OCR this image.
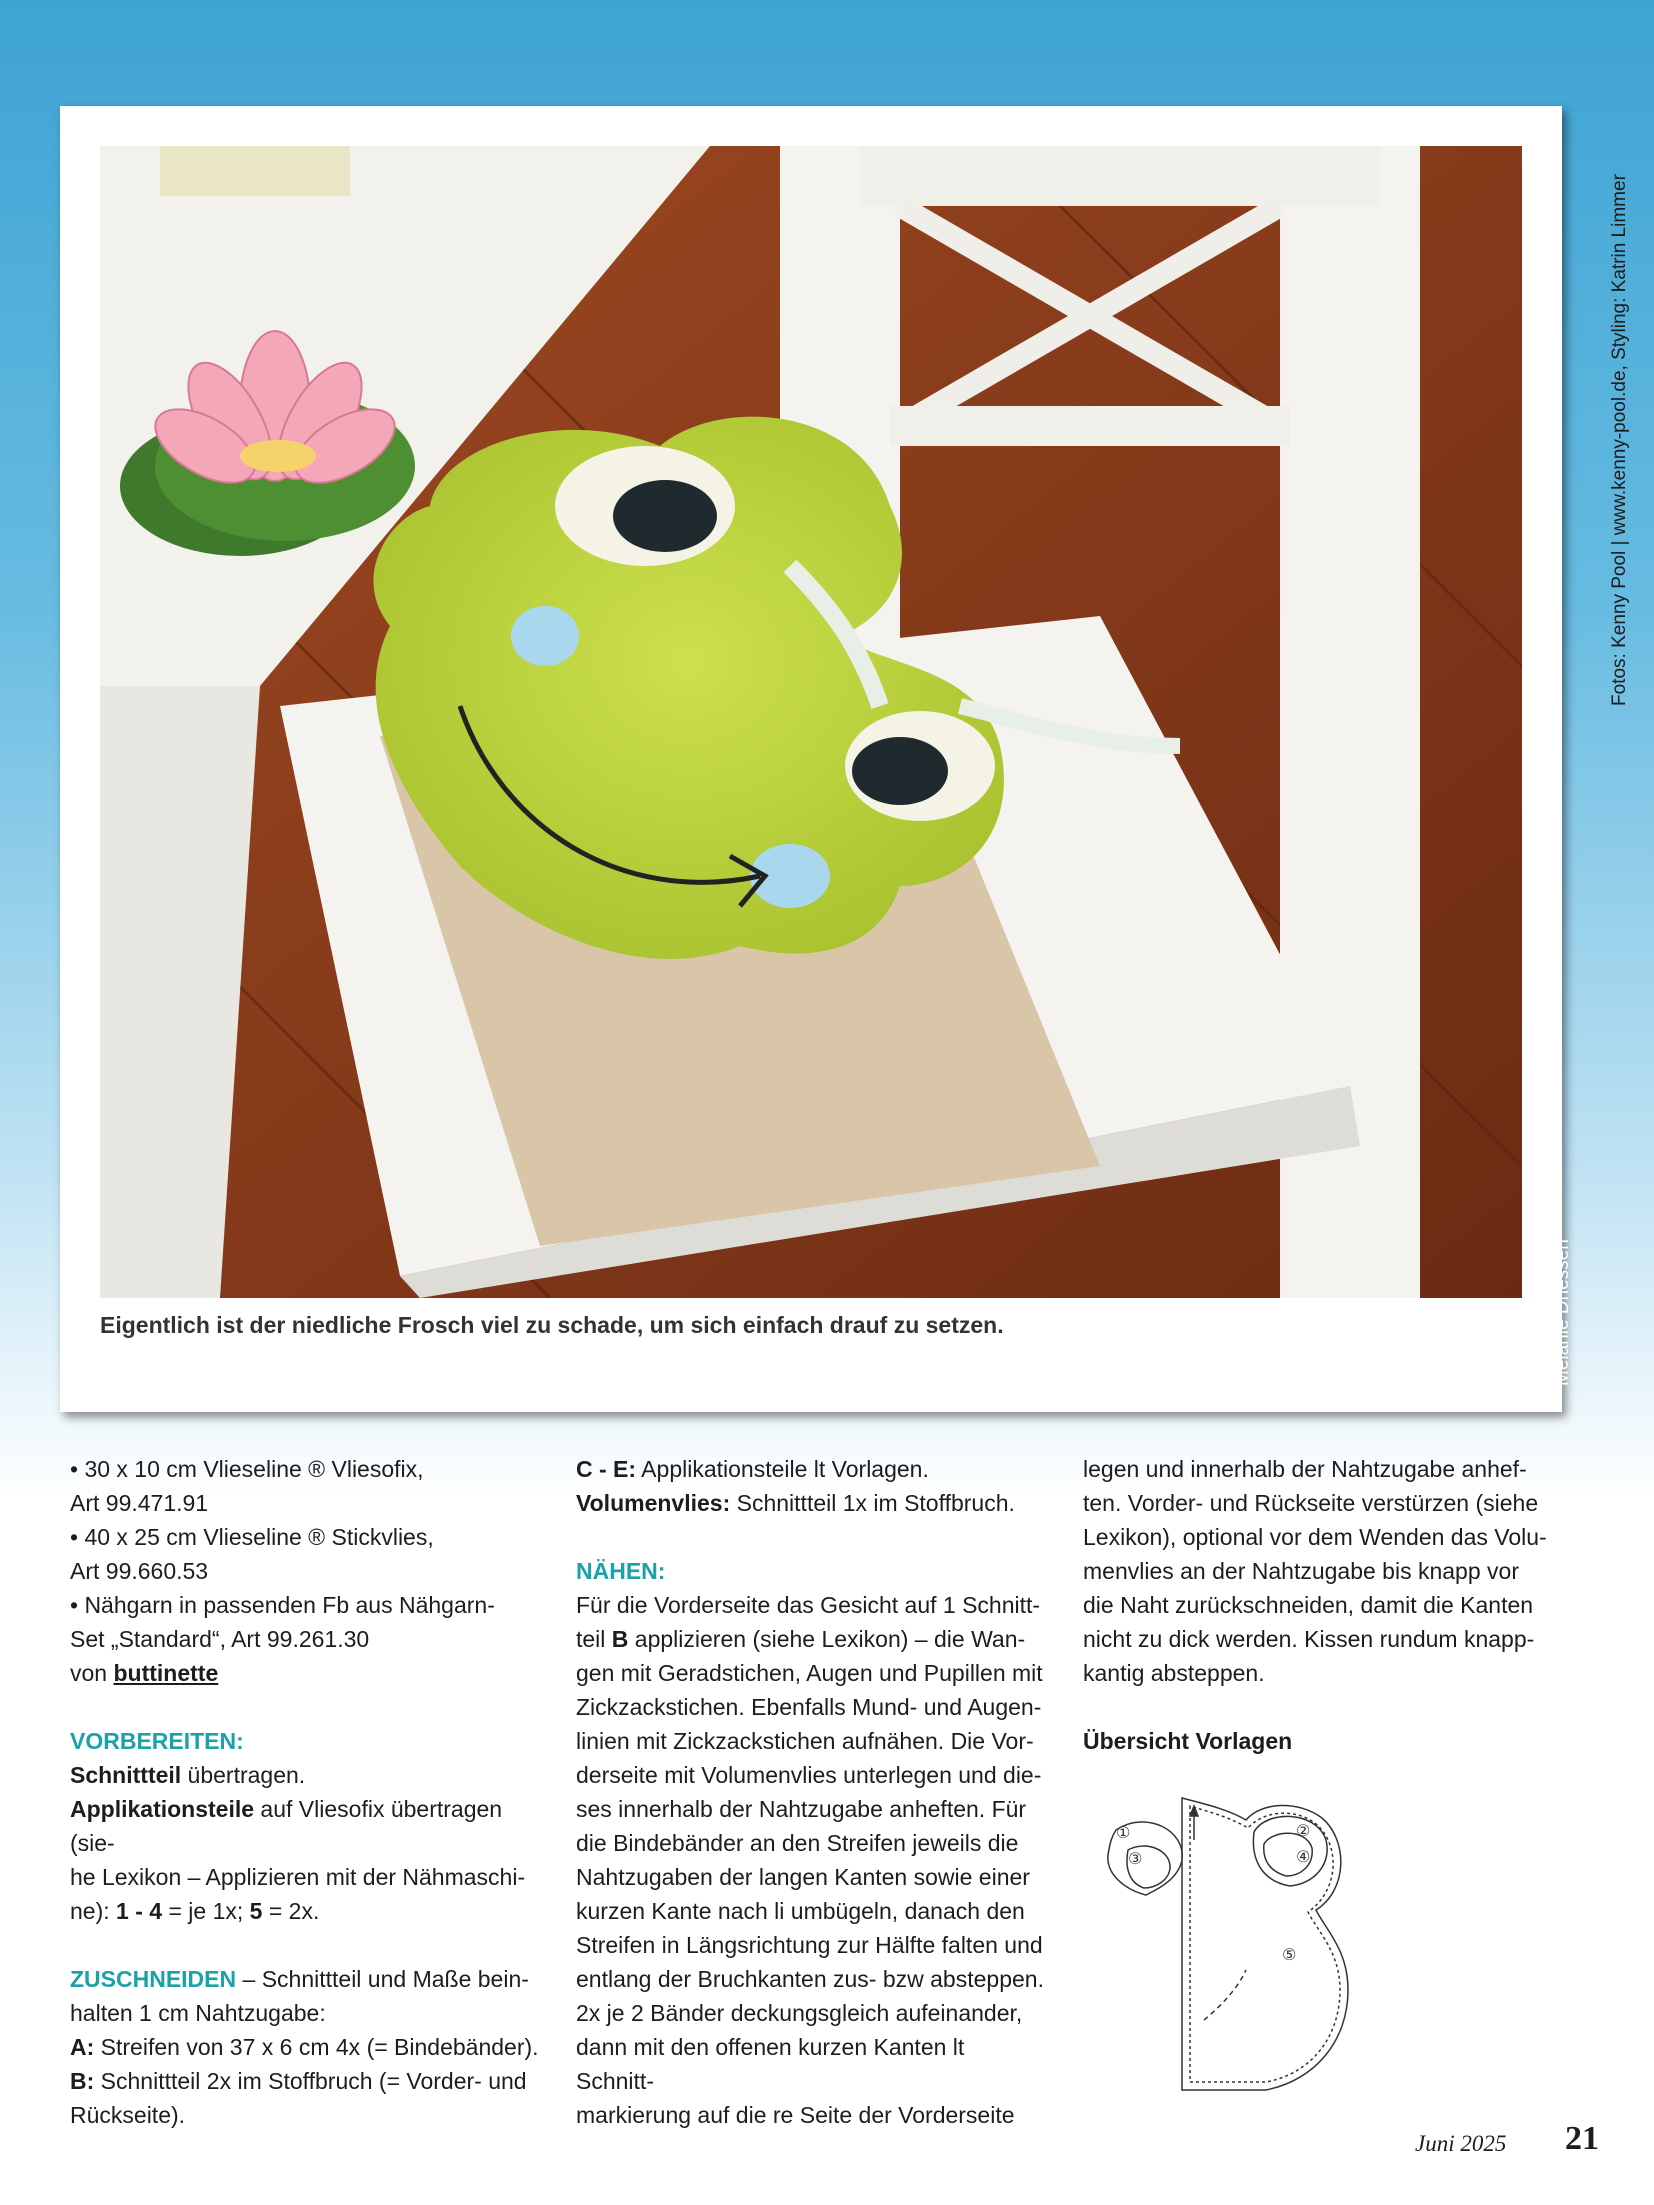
Idee + Realisation: Melanie Driessen
Eigentlich ist der niedliche Frosch viel zu schade, um sich einfach drauf zu setzen.
Fotos: Kenny Pool | www.kenny-pool.de, Styling: Katrin Limmer

• 30 x 10 cm Vlieseline ® Vliesofix,

Art 99.471.91

• 40 x 25 cm Vlieseline ® Stickvlies,

Art 99.660.53

• Nähgarn in passenden Fb aus Nähgarn-

Set „Standard“, Art 99.261.30

von buttinette

VORBEREITEN:

Schnittteil übertragen.

Applikationsteile auf Vliesofix übertragen (sie-

he Lexikon – Applizieren mit der Nähmaschi-

ne): 1 - 4 = je 1x; 5 = 2x.

ZUSCHNEIDEN – Schnittteil und Maße bein-

halten 1 cm Nahtzugabe:

A: Streifen von 37 x 6 cm 4x (= Bindebänder).

B: Schnittteil 2x im Stoffbruch (= Vorder- und

Rückseite).

C - E: Applikationsteile lt Vorlagen.

Volumenvlies: Schnittteil 1x im Stoffbruch.

NÄHEN:

Für die Vorderseite das Gesicht auf 1 Schnitt-

teil B applizieren (siehe Lexikon) – die Wan-

gen mit Geradstichen, Augen und Pupillen mit

Zickzackstichen. Ebenfalls Mund- und Augen-

linien mit Zickzackstichen aufnähen. Die Vor-

derseite mit Volumenvlies unterlegen und die-

ses innerhalb der Nahtzugabe anheften. Für

die Bindebänder an den Streifen jeweils die

Nahtzugaben der langen Kanten sowie einer

kurzen Kante nach li umbügeln, danach den

Streifen in Längsrichtung zur Hälfte falten und

entlang der Bruchkanten zus- bzw absteppen.

2x je 2 Bänder deckungsgleich aufeinander,

dann mit den offenen kurzen Kanten lt Schnitt-

markierung auf die re Seite der Vorderseite

legen und innerhalb der Nahtzugabe anhef-

ten. Vorder- und Rückseite verstürzen (siehe

Lexikon), optional vor dem Wenden das Volu-

menvlies an der Nahtzugabe bis knapp vor

die Naht zurückschneiden, damit die Kanten

nicht zu dick werden. Kissen rundum knapp-

kantig absteppen.

Übersicht Vorlagen

①	②
③	④
⑤
Juni 2025 21
